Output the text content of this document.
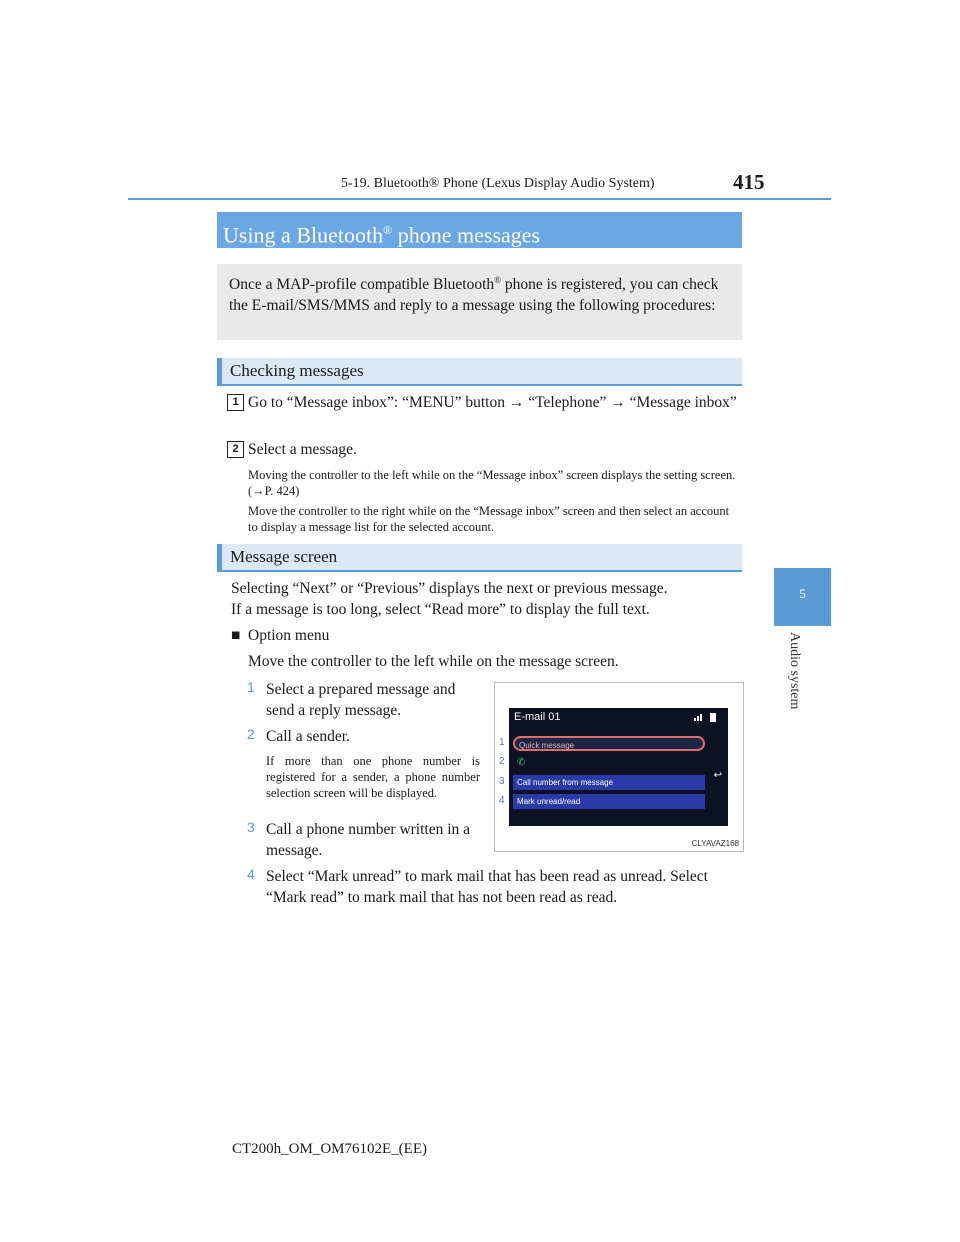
5-19. Bluetooth® Phone (Lexus Display Audio System)	415
5
Audio system
Using a Bluetooth® phone messages
Once a MAP-profile compatible Bluetooth® phone is registered, you can check the E-mail/SMS/MMS and reply to a message using the following procedures:
Checking messages
1 Go to “Message inbox”: “MENU” button → “Telephone” → “Message inbox”
2 Select a message.
Moving the controller to the left while on the “Message inbox” screen displays the setting screen. (→P. 424)
Move the controller to the right while on the “Message inbox” screen and then select an account to display a message list for the selected account.
Message screen
Selecting “Next” or “Previous” displays the next or previous message.
If a message is too long, select “Read more” to display the full text.
■ Option menu
Move the controller to the left while on the message screen.
1 Select a prepared message and send a reply message.
2 Call a sender.
If more than one phone number is registered for a sender, a phone number selection screen will be displayed.
3 Call a phone number written in a message.
4 Select “Mark unread” to mark mail that has been read as unread. Select “Mark read” to mark mail that has not been read as read.
E-mail 01
Quick message
✆
Call number from message
Mark unread/read
↩
1
2
3
4
CLYAVAZ168
CT200h_OM_OM76102E_(EE)
